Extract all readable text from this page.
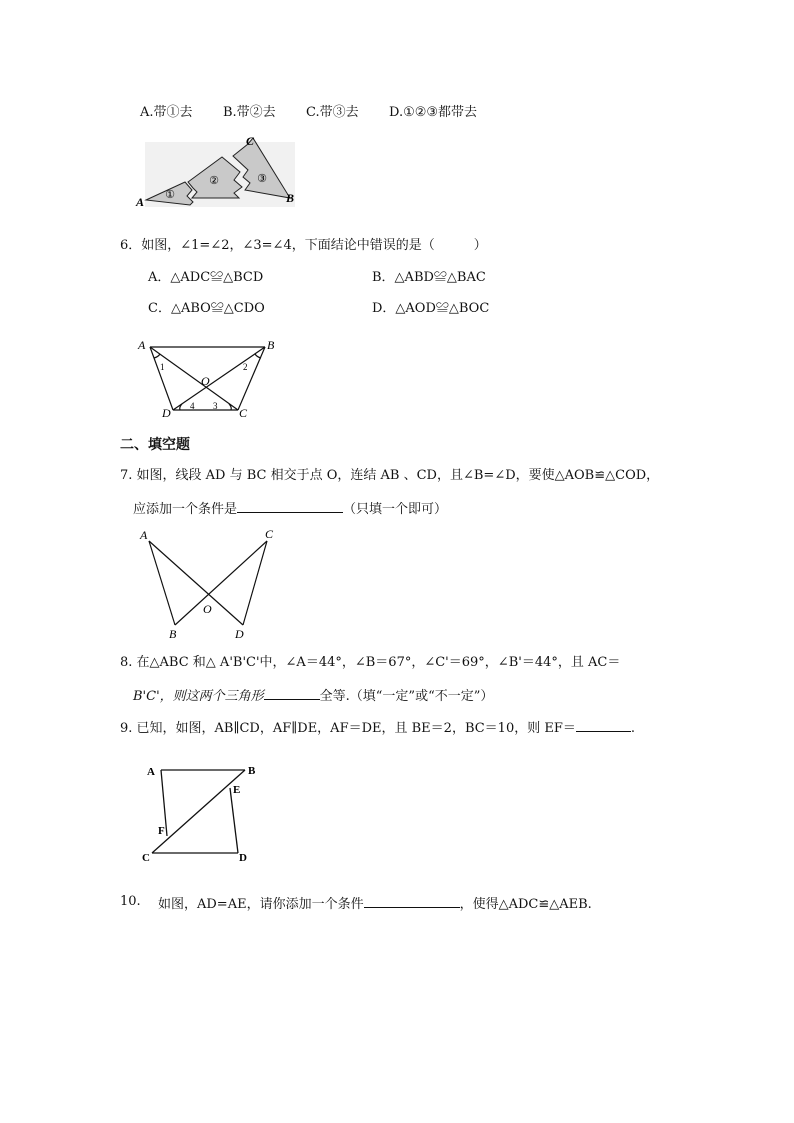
A.带①去 B.带②去 C.带③去 D.①②③都带去
①
②	③
A	B
C
6．如图，∠1=∠2，∠3=∠4，下面结论中错误的是（　　　）
A．△ADC≌△BCD	B．△ABD≌△BAC
C．△ABO≌△CDO	D．△AOD≌△BOC
A	B
C
D
O
1	2
3
4
二、填空题
7. 如图，线段 AD 与 BC 相交于点 O，连结 AB 、CD，且∠B=∠D，要使△AOB≌△COD，
应添加一个条件是	（只填一个即可）
A	C
B	D
O
8. 在△ABC 和△ A'B'C'中，∠A＝44°，∠B＝67°，∠C'＝69°，∠B'＝44°，且 AC＝
B'C'，则这两个三角形	全等.（填“一定”或“不一定”）
9. 已知，如图，AB∥CD，AF∥DE，AF＝DE，且 BE＝2，BC＝10，则 EF＝	.
A	B
E
F
C	D
10. 如图，AD=AE，请你添加一个条件	，使得△ADC≌△AEB.
